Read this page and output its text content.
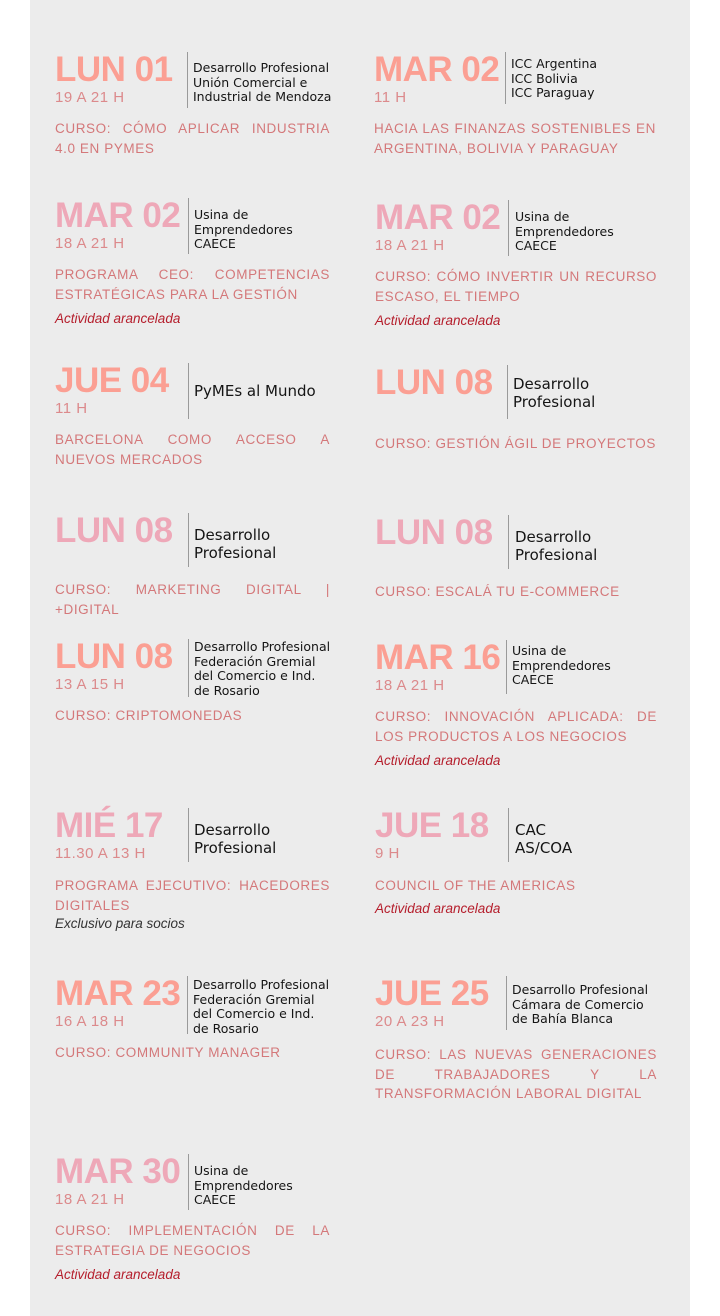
LUN 01
19 A 21 H
Desarrollo Profesional
Unión Comercial e
Industrial de Mendoza
CURSO: CÓMO APLICAR INDUSTRIA 4.0 EN PYMES
MAR 02
11 H
ICC Argentina
ICC Bolivia
ICC Paraguay
HACIA LAS FINANZAS SOSTENIBLES EN ARGENTINA, BOLIVIA Y PARAGUAY
MAR 02
18 A 21 H
Usina de
Emprendedores
CAECE
PROGRAMA CEO: COMPETENCIAS ESTRATÉGICAS PARA LA GESTIÓN
Actividad arancelada
MAR 02
18 A 21 H
Usina de
Emprendedores
CAECE
CURSO: CÓMO INVERTIR UN RECURSO ESCASO, EL TIEMPO
Actividad arancelada
JUE 04
11 H
PyMEs al Mundo
BARCELONA COMO ACCESO A NUEVOS MERCADOS
LUN 08 Desarrollo
Profesional
CURSO: GESTIÓN ÁGIL DE PROYECTOS
LUN 08 Desarrollo
Profesional
CURSO: MARKETING DIGITAL | +DIGITAL
LUN 08 Desarrollo
Profesional
CURSO: ESCALÁ TU E-COMMERCE
LUN 08
13 A 15 H
Desarrollo Profesional
Federación Gremial
del Comercio e Ind.
de Rosario
CURSO: CRIPTOMONEDAS
MAR 16
18 A 21 H
Usina de
Emprendedores
CAECE
CURSO: INNOVACIÓN APLICADA: DE LOS PRODUCTOS A LOS NEGOCIOS
Actividad arancelada
MIÉ 17
11.30 A 13 H
Desarrollo
Profesional
PROGRAMA EJECUTIVO: HACEDORES DIGITALES
Exclusivo para socios
JUE 18
9 H
CAC
AS/COA
COUNCIL OF THE AMERICAS
Actividad arancelada
MAR 23
16 A 18 H
Desarrollo Profesional
Federación Gremial
del Comercio e Ind.
de Rosario
CURSO: COMMUNITY MANAGER
JUE 25
20 A 23 H
Desarrollo Profesional
Cámara de Comercio
de Bahía Blanca
CURSO: LAS NUEVAS GENERACIONES DE TRABAJADORES Y LA TRANSFORMACIÓN LABORAL DIGITAL
MAR 30
18 A 21 H
Usina de
Emprendedores
CAECE
CURSO: IMPLEMENTACIÓN DE LA ESTRATEGIA DE NEGOCIOS
Actividad arancelada
